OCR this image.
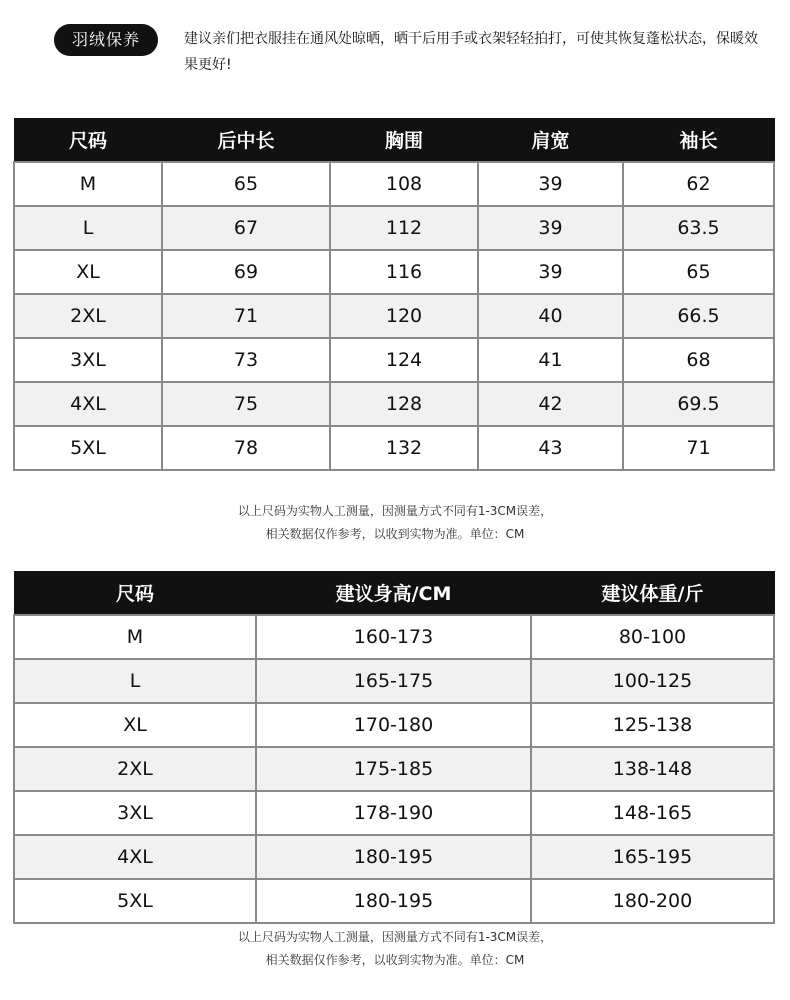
羽绒保养	建议亲们把衣服挂在通风处晾晒，晒干后用手或衣架轻轻拍打，可使其恢复蓬松状态，保暖效果更好!
尺码	后中长	胸围	肩宽	袖长
M	65	108	39	62
L	67	112	39	63.5
XL	69	116	39	65
2XL	71	120	40	66.5
3XL	73	124	41	68
4XL	75	128	42	69.5
5XL	78	132	43	71
以上尺码为实物人工测量，因测量方式不同有1-3CM误差，
相关数据仅作参考，以收到实物为准。单位：CM
尺码	建议身高/CM	建议体重/斤
M	160-173	80-100
L	165-175	100-125
XL	170-180	125-138
2XL	175-185	138-148
3XL	178-190	148-165
4XL	180-195	165-195
5XL	180-195	180-200
以上尺码为实物人工测量，因测量方式不同有1-3CM误差，
相关数据仅作参考，以收到实物为准。单位：CM
